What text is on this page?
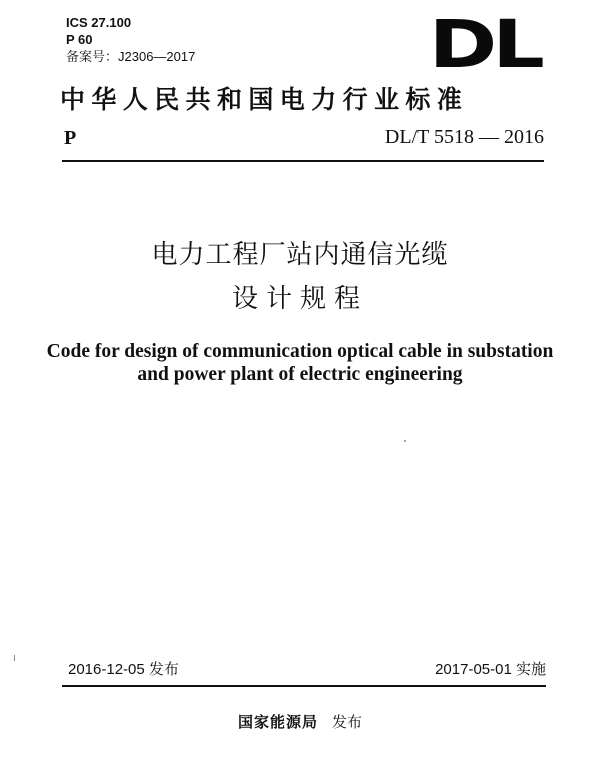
ICS 27.100
P 60
备案号：J2306—2017	DL
中华人民共和国电力行业标准
P	DL/T 5518 — 2016
电力工程厂站内通信光缆
设计规程
Code for design of communication optical cable in substation
and power plant of electric engineering
2016-12-05 发布	2017-05-01 实施
国家能源局 发布
